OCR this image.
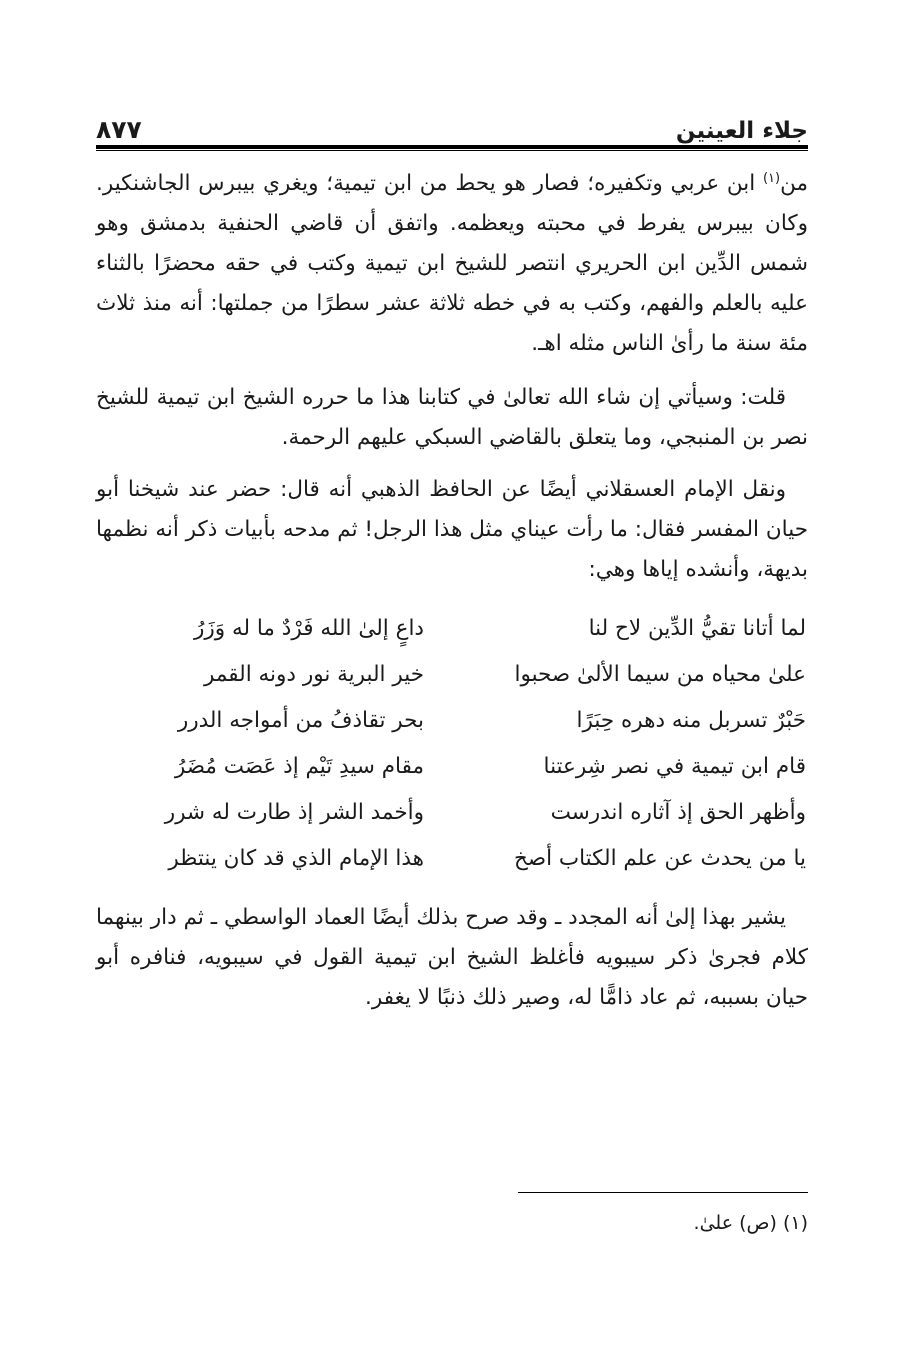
جلاء العينين
٨٧٧

من$^{(١)}$ ابن عربي وتكفيره؛ فصار هو يحط من ابن تيمية؛ ويغري بيبرس الجاشنكير. وكان بيبرس يفرط في محبته ويعظمه. واتفق أن قاضي الحنفية بدمشق وهو شمس الدِّين ابن الحريري انتصر للشيخ ابن تيمية وكتب في حقه محضرًا بالثناء عليه بالعلم والفهم، وكتب به في خطه ثلاثة عشر سطرًا من جملتها: أنه منذ ثلاث مئة سنة ما رأىٰ الناس مثله اهـ.

قلت: وسيأتي إن شاء الله تعالىٰ في كتابنا هذا ما حرره الشيخ ابن تيمية للشيخ نصر بن المنبجي، وما يتعلق بالقاضي السبكي عليهم الرحمة.

ونقل الإمام العسقلاني أيضًا عن الحافظ الذهبي أنه قال: حضر عند شيخنا أبو حيان المفسر فقال: ما رأت عيناي مثل هذا الرجل! ثم مدحه بأبيات ذكر أنه نظمها بديهة، وأنشده إياها وهي:

لما أتانا تقيُّ الدِّين لاح لنا
داعٍ إلىٰ الله فَرْدٌ ما له وَزَرُ
علىٰ محياه من سيما الألىٰ صحبوا
خير البرية نور دونه القمر
حَبْرٌ تسربل منه دهره حِبَرًا
بحر تقاذفُ من أمواجه الدرر
قام ابن تيمية في نصر شِرعتنا
مقام سيدِ تَيْم إذ عَصَت مُضَرُ
وأظهر الحق إذ آثاره اندرست
وأخمد الشر إذ طارت له شرر
يا من يحدث عن علم الكتاب أصخ
هذا الإمام الذي قد كان ينتظر

يشير بهذا إلىٰ أنه المجدد ـ وقد صرح بذلك أيضًا العماد الواسطي ـ ثم دار بينهما كلام فجرىٰ ذكر سيبويه فأغلظ الشيخ ابن تيمية القول في سيبويه، فنافره أبو حيان بسببه، ثم عاد ذامًّا له، وصير ذلك ذنبًا لا يغفر.

(١) (ص) علىٰ.
